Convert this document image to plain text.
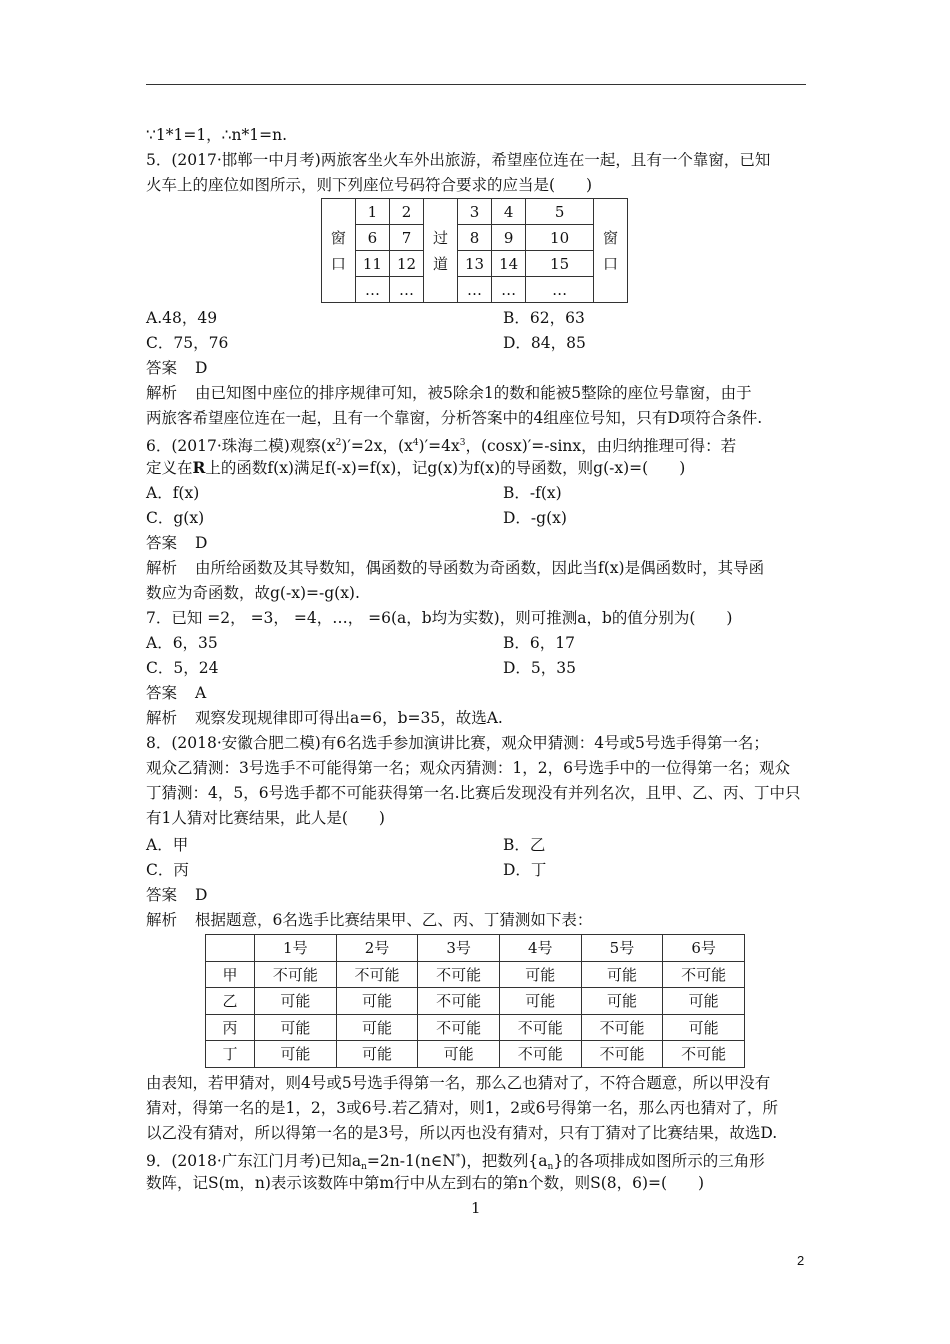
∵1*1=1，∴n*1=n.
5．(2017·邯郸一中月考)两旅客坐火车外出旅游，希望座位连在一起，且有一个靠窗，已知
火车上的座位如图所示，则下列座位号码符合要求的应当是(　　)
窗口	1	2	过道	3	4	5	窗口
	6	7		8	9	10	
	11	12		13	14	15	
	…	…		…	…	…	
A.48，49	B．62，63
C．75，76	D．84，85
答案 D
解析 由已知图中座位的排序规律可知，被5除余1的数和能被5整除的座位号靠窗，由于
两旅客希望座位连在一起，且有一个靠窗，分析答案中的4组座位号知，只有D项符合条件.
6．(2017·珠海二模)观察$(x^2)'=2x$，$(x^4)'=4x^3$，(cosx)′=-sinx，由归纳推理可得：若
定义在R上的函数f(x)满足f(-x)=f(x)，记g(x)为f(x)的导函数，则g(-x)=(　　)
A．f(x)	B．-f(x)
C．g(x)	D．-g(x)
答案 D
解析 由所给函数及其导数知，偶函数的导函数为奇函数，因此当f(x)是偶函数时，其导函
数应为奇函数，故g(-x)=-g(x).
7．已知 =2， =3， =4，…， =6(a，b均为实数)，则可推测a，b的值分别为(　　)
A．6，35	B．6，17
C．5，24	D．5，35
答案 A
解析 观察发现规律即可得出a=6，b=35，故选A.
8．(2018·安徽合肥二模)有6名选手参加演讲比赛，观众甲猜测：4号或5号选手得第一名；
观众乙猜测：3号选手不可能得第一名；观众丙猜测：1，2，6号选手中的一位得第一名；观众
丁猜测：4，5，6号选手都不可能获得第一名.比赛后发现没有并列名次，且甲、乙、丙、丁中只
有1人猜对比赛结果，此人是(　　)
A．甲	B．乙
C．丙	D．丁
答案 D
解析 根据题意，6名选手比赛结果甲、乙、丙、丁猜测如下表：
	1号	2号	3号	4号	5号	6号
甲	不可能	不可能	不可能	可能	可能	不可能
乙	可能	可能	不可能	可能	可能	可能
丙	可能	可能	不可能	不可能	不可能	可能
丁	可能	可能	可能	不可能	不可能	不可能
由表知，若甲猜对，则4号或5号选手得第一名，那么乙也猜对了，不符合题意，所以甲没有
猜对，得第一名的是1，2，3或6号.若乙猜对，则1，2或6号得第一名，那么丙也猜对了，所
以乙没有猜对，所以得第一名的是3号，所以丙也没有猜对，只有丁猜对了比赛结果，故选D.
9．(2018·广东江门月考)已知an=2n-1(n∈N*)，把数列{an}的各项排成如图所示的三角形
数阵，记S(m，n)表示该数阵中第m行中从左到右的第n个数，则S(8，6)=(　　)
1
2
